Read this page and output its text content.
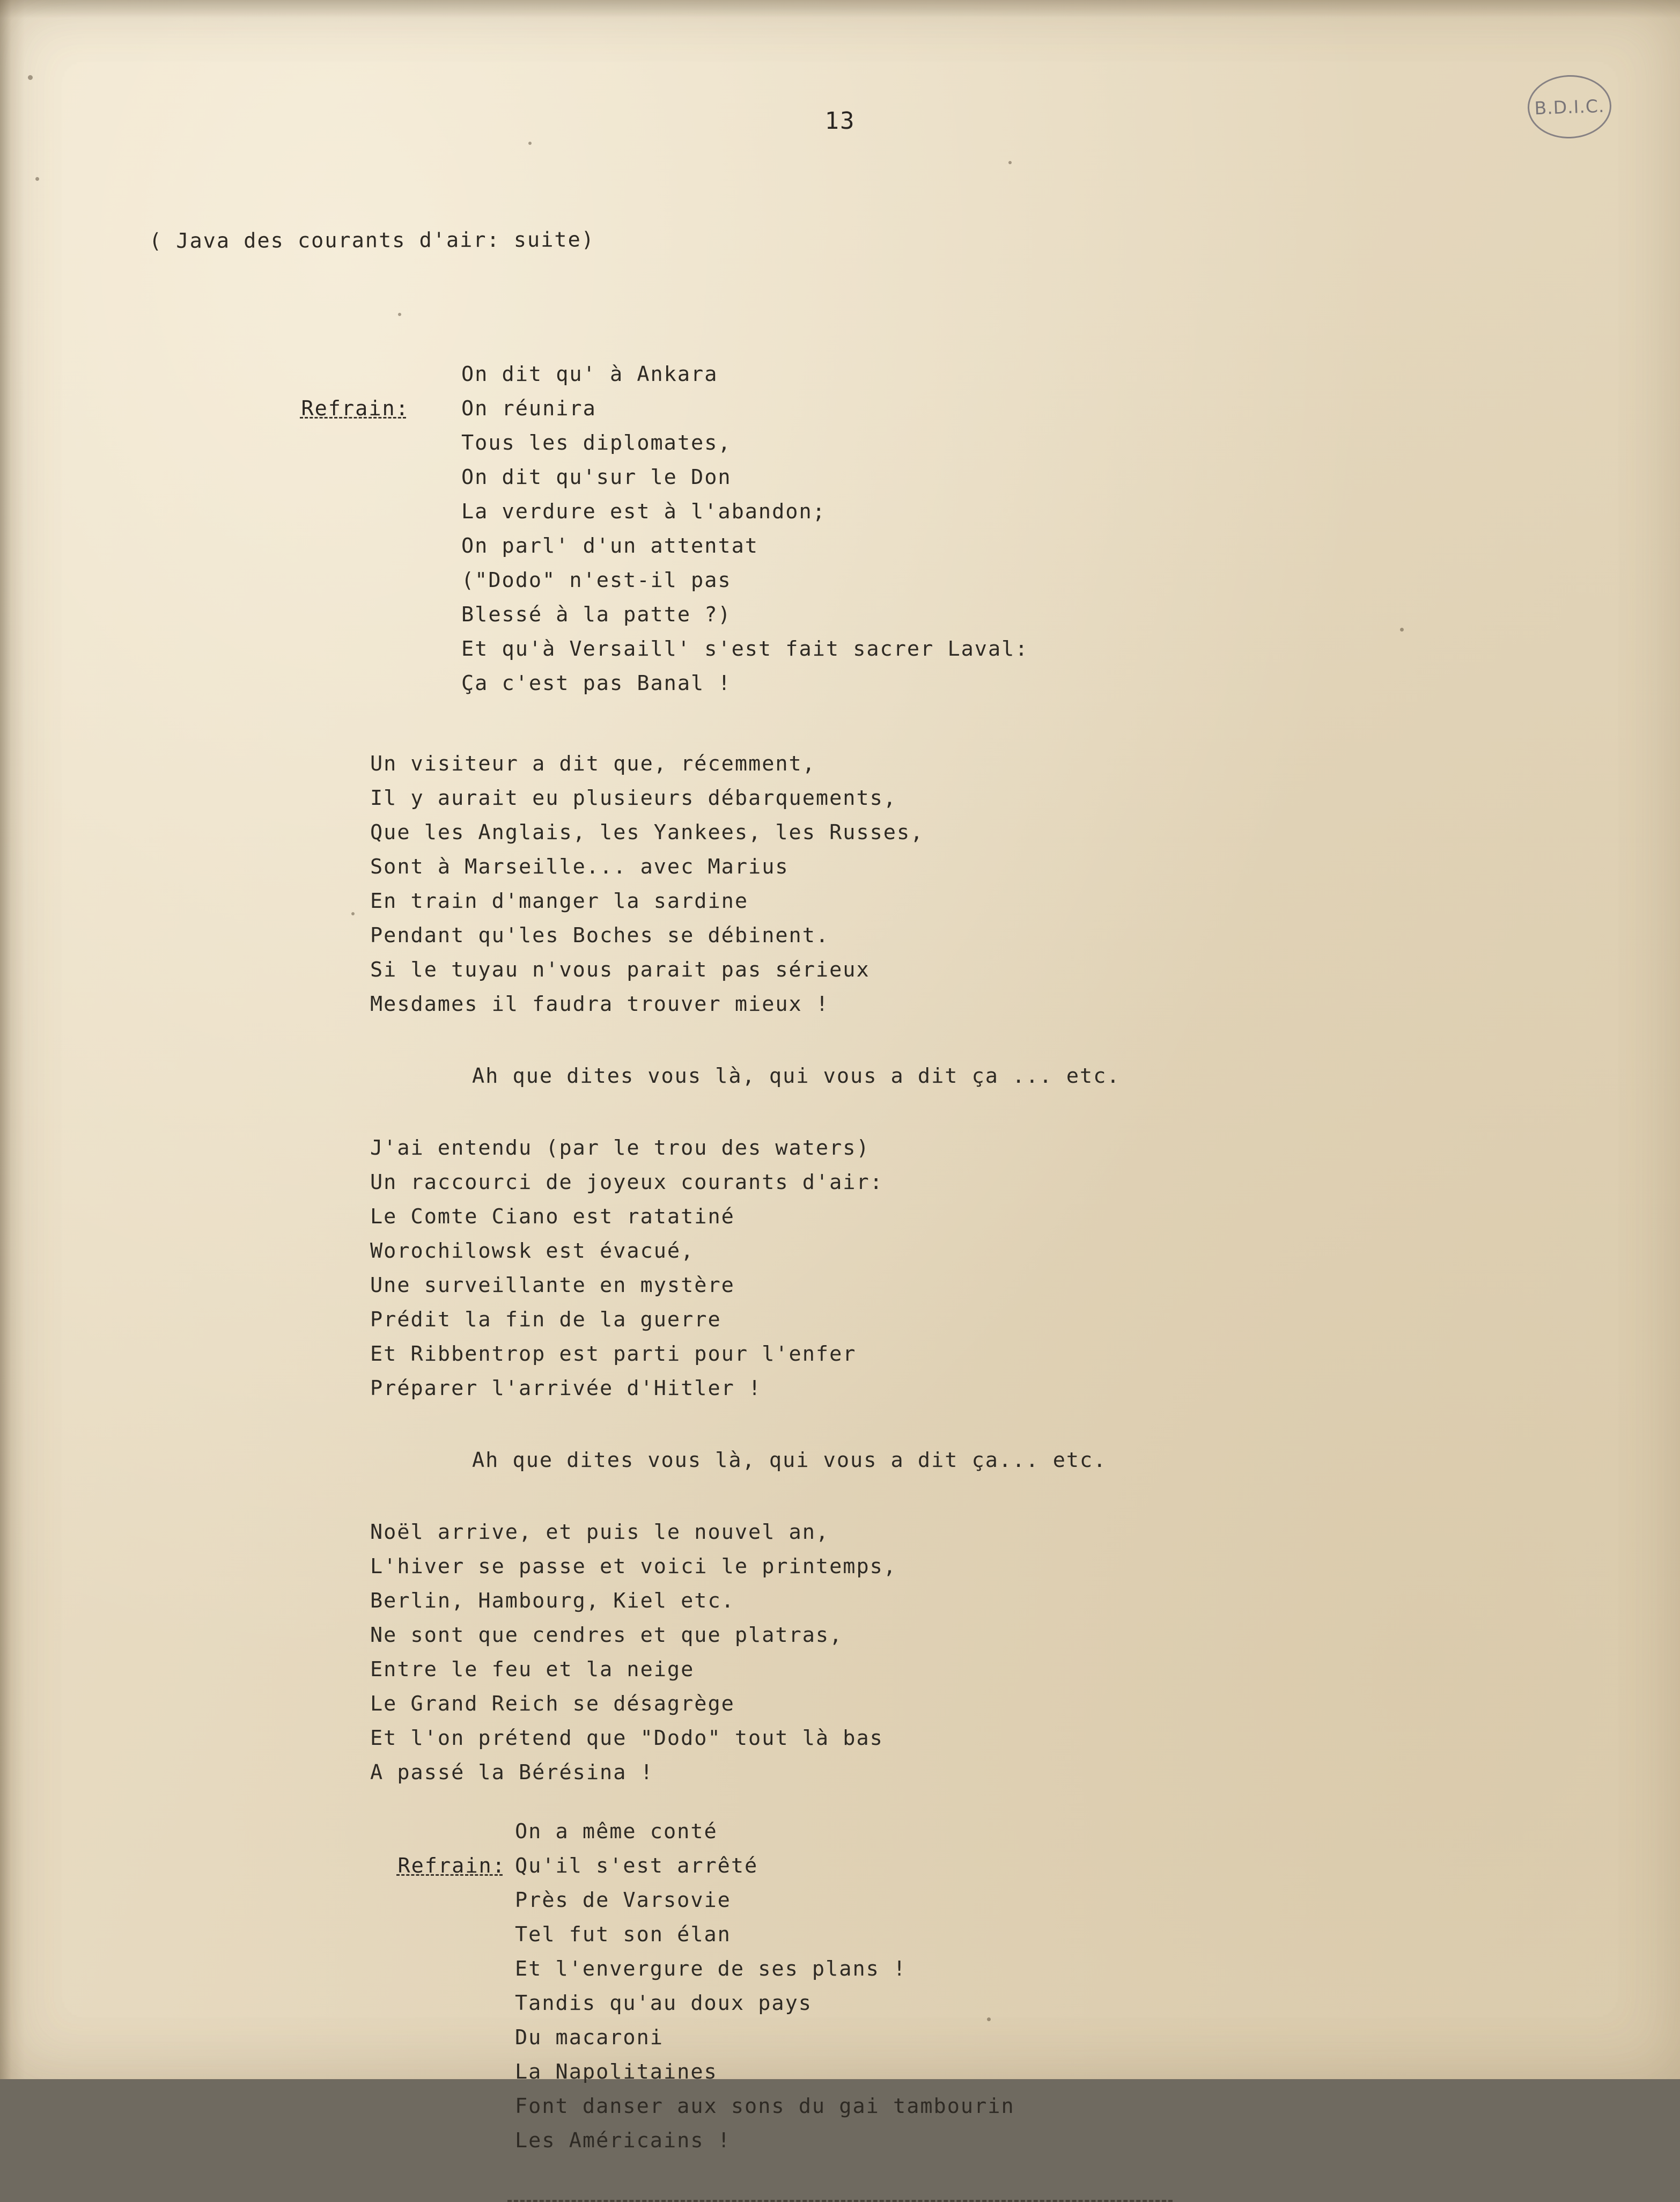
13
B.D.I.C.

( Java des courants d'air: suite)

Refrain:

On dit qu' à Ankara
On réunira
Tous les diplomates,
On dit qu'sur le Don
La verdure est à l'abandon;
On parl' d'un attentat
("Dodo" n'est-il pas
Blessé à la patte ?)
Et qu'à Versaill' s'est fait sacrer Laval:
Ça c'est pas Banal !
Un visiteur a dit que, récemment,
Il y aurait eu plusieurs débarquements,
Que les Anglais, les Yankees, les Russes,
Sont à Marseille... avec Marius
En train d'manger la sardine
Pendant qu'les Boches se débinent.
Si le tuyau n'vous parait pas sérieux
Mesdames il faudra trouver mieux !
Ah que dites vous là, qui vous a dit ça ... etc.
J'ai entendu (par le trou des waters)
Un raccourci de joyeux courants d'air:
Le Comte Ciano est ratatiné
Worochilowsk est évacué,
Une surveillante en mystère
Prédit la fin de la guerre
Et Ribbentrop est parti pour l'enfer
Préparer l'arrivée d'Hitler !
Ah que dites vous là, qui vous a dit ça... etc.
Noël arrive, et puis le nouvel an,
L'hiver se passe et voici le printemps,
Berlin, Hambourg, Kiel etc.
Ne sont que cendres et que platras,
Entre le feu et la neige
Le Grand Reich se désagrège
Et l'on prétend que "Dodo" tout là bas
A passé la Bérésina !

Refrain:

On a même conté
Qu'il s'est arrêté
Près de Varsovie
Tel fut son élan
Et l'envergure de ses plans !
Tandis qu'au doux pays
Du macaroni
La Napolitaines
Font danser aux sons du gai tambourin
Les Américains !
